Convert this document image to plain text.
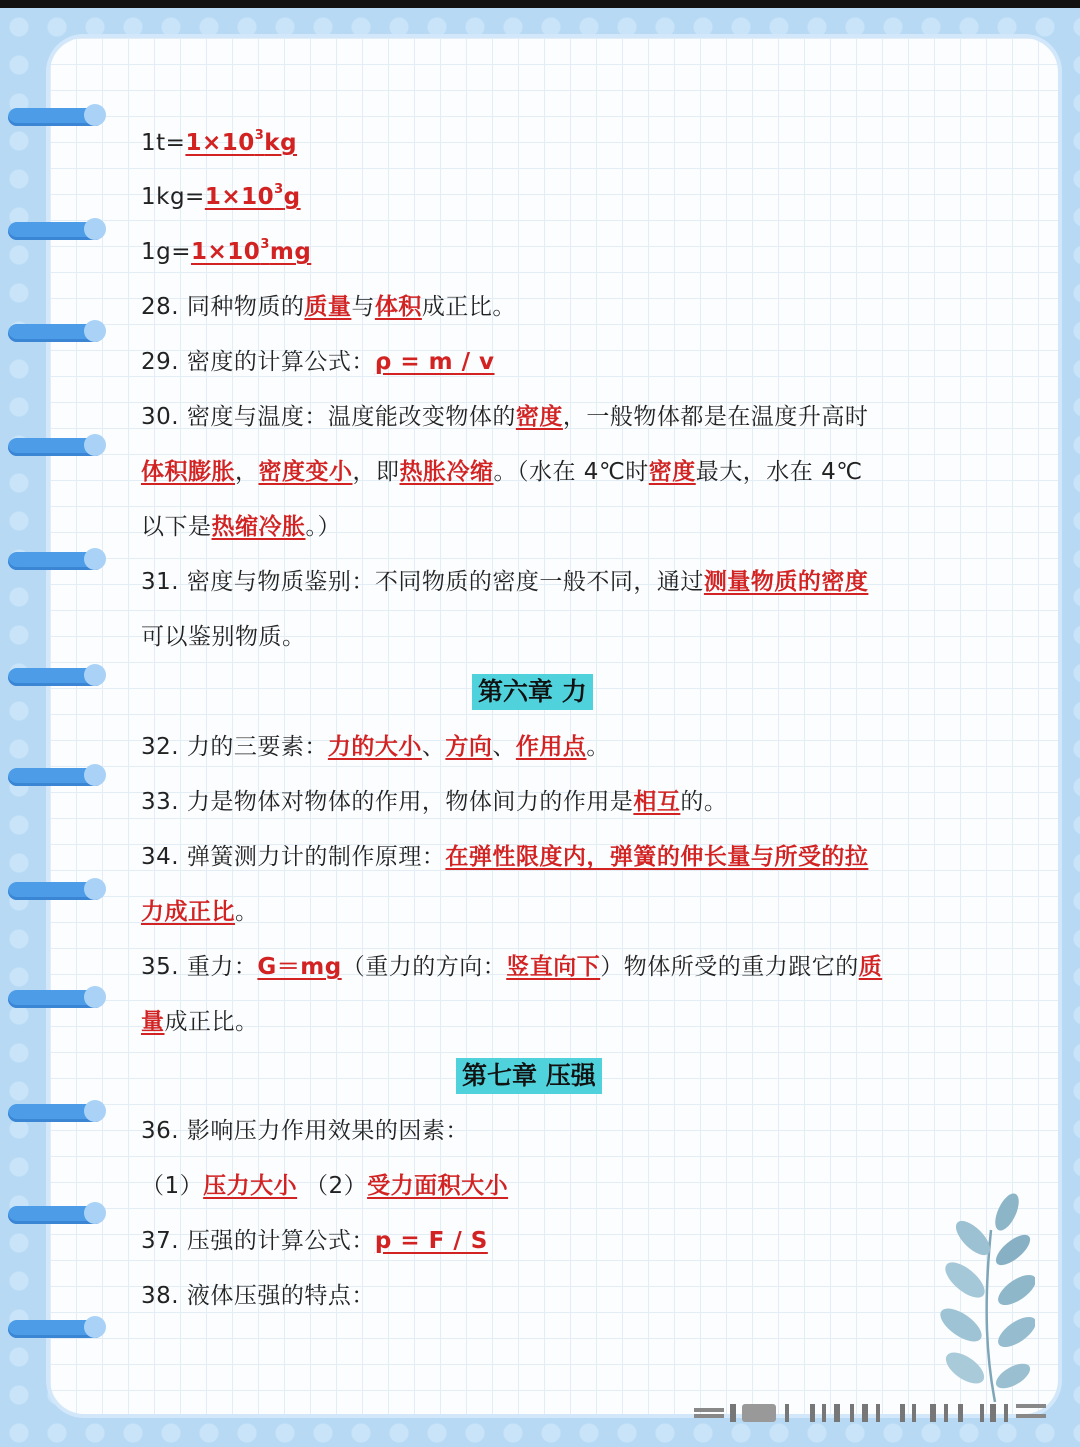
$1t=1\times 10^3kg$
$1kg=1\times 10^3g$
$1g=1\times 10^3mg$
28. 同种物质的质量与体积成正比。
29. 密度的计算公式：ρ = m / v
30. 密度与温度：温度能改变物体的密度，一般物体都是在温度升高时
体积膨胀，密度变小，即热胀冷缩。（水在 4℃时密度最大，水在 4℃
以下是热缩冷胀。）
31. 密度与物质鉴别：不同物质的密度一般不同，通过测量物质的密度
可以鉴别物质。
第六章 力
32. 力的三要素：力的大小、方向、作用点。
33. 力是物体对物体的作用，物体间力的作用是相互的。
34. 弹簧测力计的制作原理：在弹性限度内，弹簧的伸长量与所受的拉
力成正比。
35. 重力：G＝mg（重力的方向：竖直向下）物体所受的重力跟它的质
量成正比。
第七章 压强
36. 影响压力作用效果的因素：
（1）压力大小 （2）受力面积大小
37. 压强的计算公式：p = F / S
38. 液体压强的特点：
